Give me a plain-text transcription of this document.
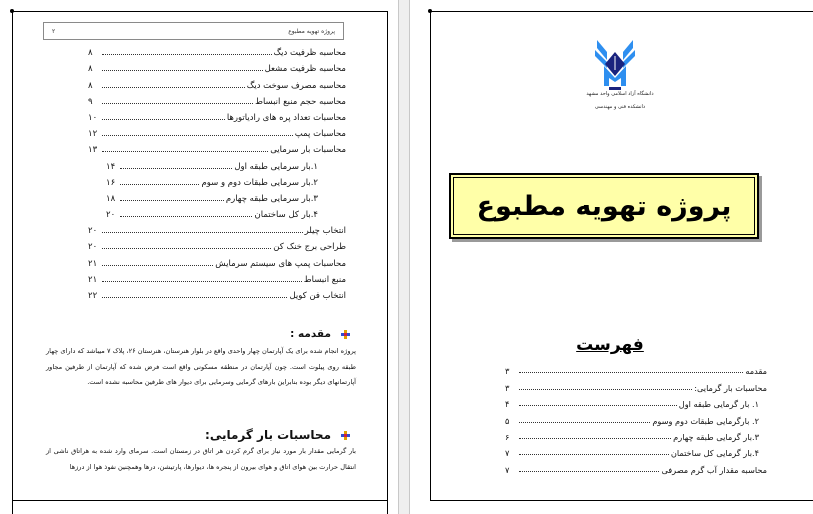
۲	پروژه تهویه مطبوع
محاسبه ظرفیت دیگ
۸
محاسبه ظرفیت مشعل
۸
محاسبه مصرف سوخت دیگ
۸
محاسبه حجم منبع انبساط
۹
محاسبات تعداد پره های رادیاتورها
۱۰
محاسبات پمپ
۱۲
محاسبات بار سرمایی
۱۳
۱.بار سرمایی طبقه اول
۱۴
۲.بار سرمایی طبقات دوم و سوم
۱۶
۳.بار سرمایی طبقه چهارم
۱۸
۴.بار کل ساختمان
۲۰
انتخاب چیلر
۲۰
طراحی برج خنک کن
۲۰
محاسبات پمپ های سیستم سرمایش
۲۱
منبع انبساط
۲۱
انتخاب فن کویل
۲۲
مقدمه :
پروژه انجام شده برای یک آپارتمان چهار واحدی واقع در بلوار هنرستان، هنرستان ۲۶، پلاک ۷ میباشد که دارای چهار طبقه روی پیلوت است. چون آپارتمان در منطقه مسکونی واقع است فرض شده که آپارتمان از طرفین مجاور آپارتمانهای دیگر بوده بنابراین بارهای گرمایی وسرمایی برای دیوار های طرفین محاسبه نشده است.
محاسبات بار گرمایی:
بار گرمایی مقدار بار مورد نیاز برای گرم کردن هر اتاق در زمستان است. سرمای وارد شده به هراتاق ناشی از انتقال حرارت بین هوای اتاق و هوای بیرون از پنجره ها، دیوارها، پارتیشن، درها وهمچنین نفوذ هوا از درزها
دانشگاه آزاد اسلامی واحد مشهد
دانشکده فنی و مهندسی
فهرست
پروژه تهویه مطبوع
مقدمه
۳
محاسبات بار گرمایی:
۳
۱. بار گرمایی طبقه اول
۴
۲. بارگرمایی طبقات دوم وسوم
۵
۳.بار گرمایی طبقه چهارم
۶
۴.بار گرمایی کل ساختمان
۷
محاسبه مقدار آب گرم مصرفی
۷
